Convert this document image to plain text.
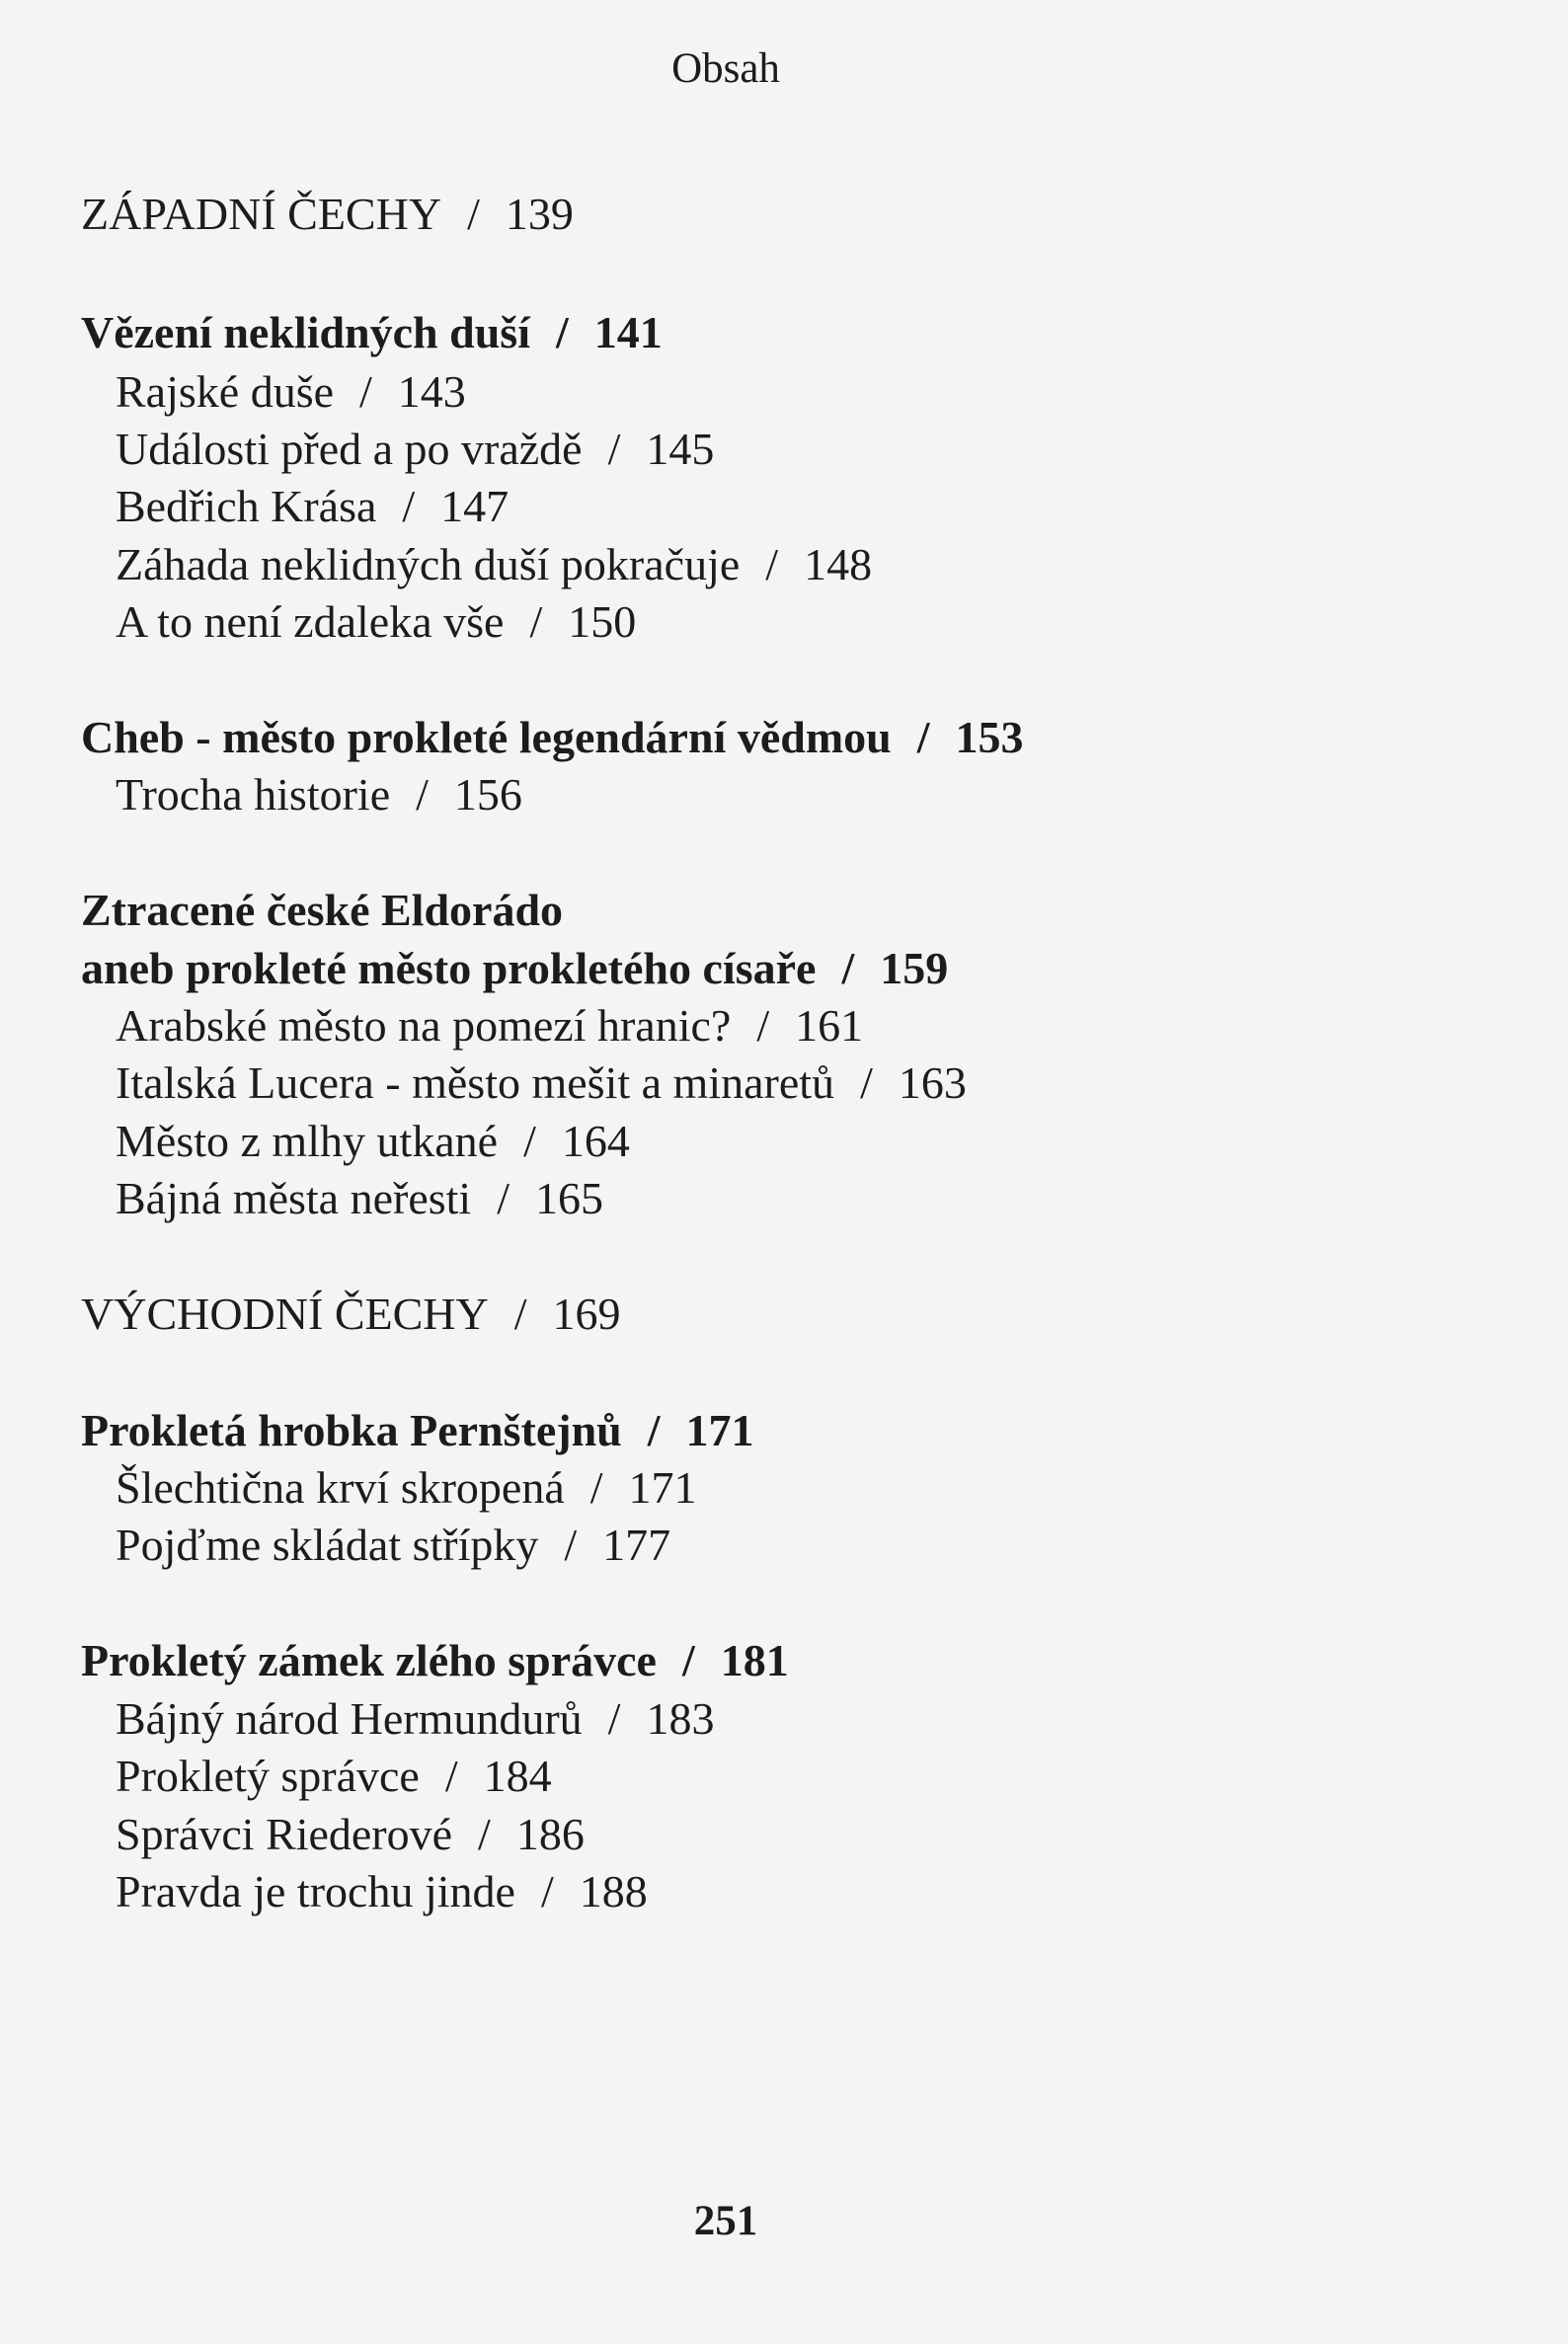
Obsah
ZÁPADNÍ ČECHY / 139
Vězení neklidných duší / 141
Rajské duše / 143
Události před a po vraždě / 145
Bedřich Krása / 147
Záhada neklidných duší pokračuje / 148
A to není zdaleka vše / 150
Cheb - město prokleté legendární vědmou / 153
Trocha historie / 156
Ztracené české Eldorádo
aneb prokleté město prokletého císaře / 159
Arabské město na pomezí hranic? / 161
Italská Lucera - město mešit a minaretů / 163
Město z mlhy utkané / 164
Bájná města neřesti / 165
VÝCHODNÍ ČECHY / 169
Prokletá hrobka Pernštejnů / 171
Šlechtična krví skropená / 171
Pojďme skládat střípky / 177
Prokletý zámek zlého správce / 181
Bájný národ Hermundurů / 183
Prokletý správce / 184
Správci Riederové / 186
Pravda je trochu jinde / 188
251
